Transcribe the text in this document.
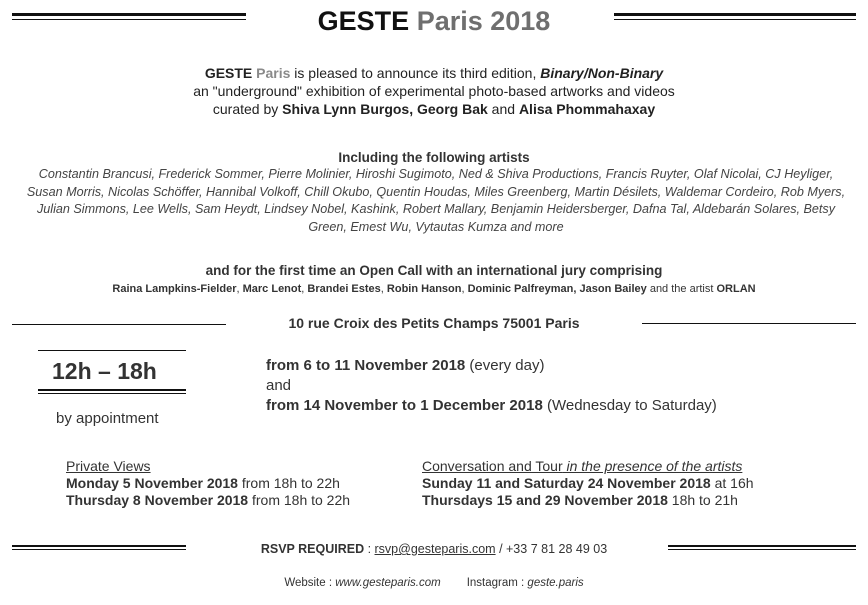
GESTE Paris 2018
GESTE Paris is pleased to announce its third edition, Binary/Non-Binary
an "underground" exhibition of experimental photo-based artworks and videos
curated by Shiva Lynn Burgos, Georg Bak and Alisa Phommahaxay
Including the following artists
Constantin Brancusi, Frederick Sommer, Pierre Molinier, Hiroshi Sugimoto, Ned & Shiva Productions, Francis Ruyter, Olaf Nicolai, CJ Heyliger, Susan Morris, Nicolas Schöffer, Hannibal Volkoff, Chill Okubo, Quentin Houdas, Miles Greenberg, Martin Désilets, Waldemar Cordeiro, Rob Myers, Julian Simmons, Lee Wells, Sam Heydt, Lindsey Nobel, Kashink, Robert Mallary, Benjamin Heidersberger, Dafna Tal, Aldebarán Solares, Betsy Green, Emest Wu, Vytautas Kumza and more
and for the first time an Open Call with an international jury comprising
Raina Lampkins-Fielder, Marc Lenot, Brandei Estes, Robin Hanson, Dominic Palfreyman, Jason Bailey and the artist ORLAN
10 rue Croix des Petits Champs 75001 Paris
12h – 18h
by appointment
from 6 to 11 November 2018 (every day)
and
from 14 November to 1 December 2018 (Wednesday to Saturday)
Private Views
Monday 5 November 2018 from 18h to 22h
Thursday 8 November 2018 from 18h to 22h
Conversation and Tour in the presence of the artists
Sunday 11 and Saturday 24 November 2018 at 16h
Thursdays 15 and 29 November 2018 18h to 21h
RSVP REQUIRED : rsvp@gesteparis.com / +33 7 81 28 49 03
Website : www.gesteparis.com Instagram : geste.paris
